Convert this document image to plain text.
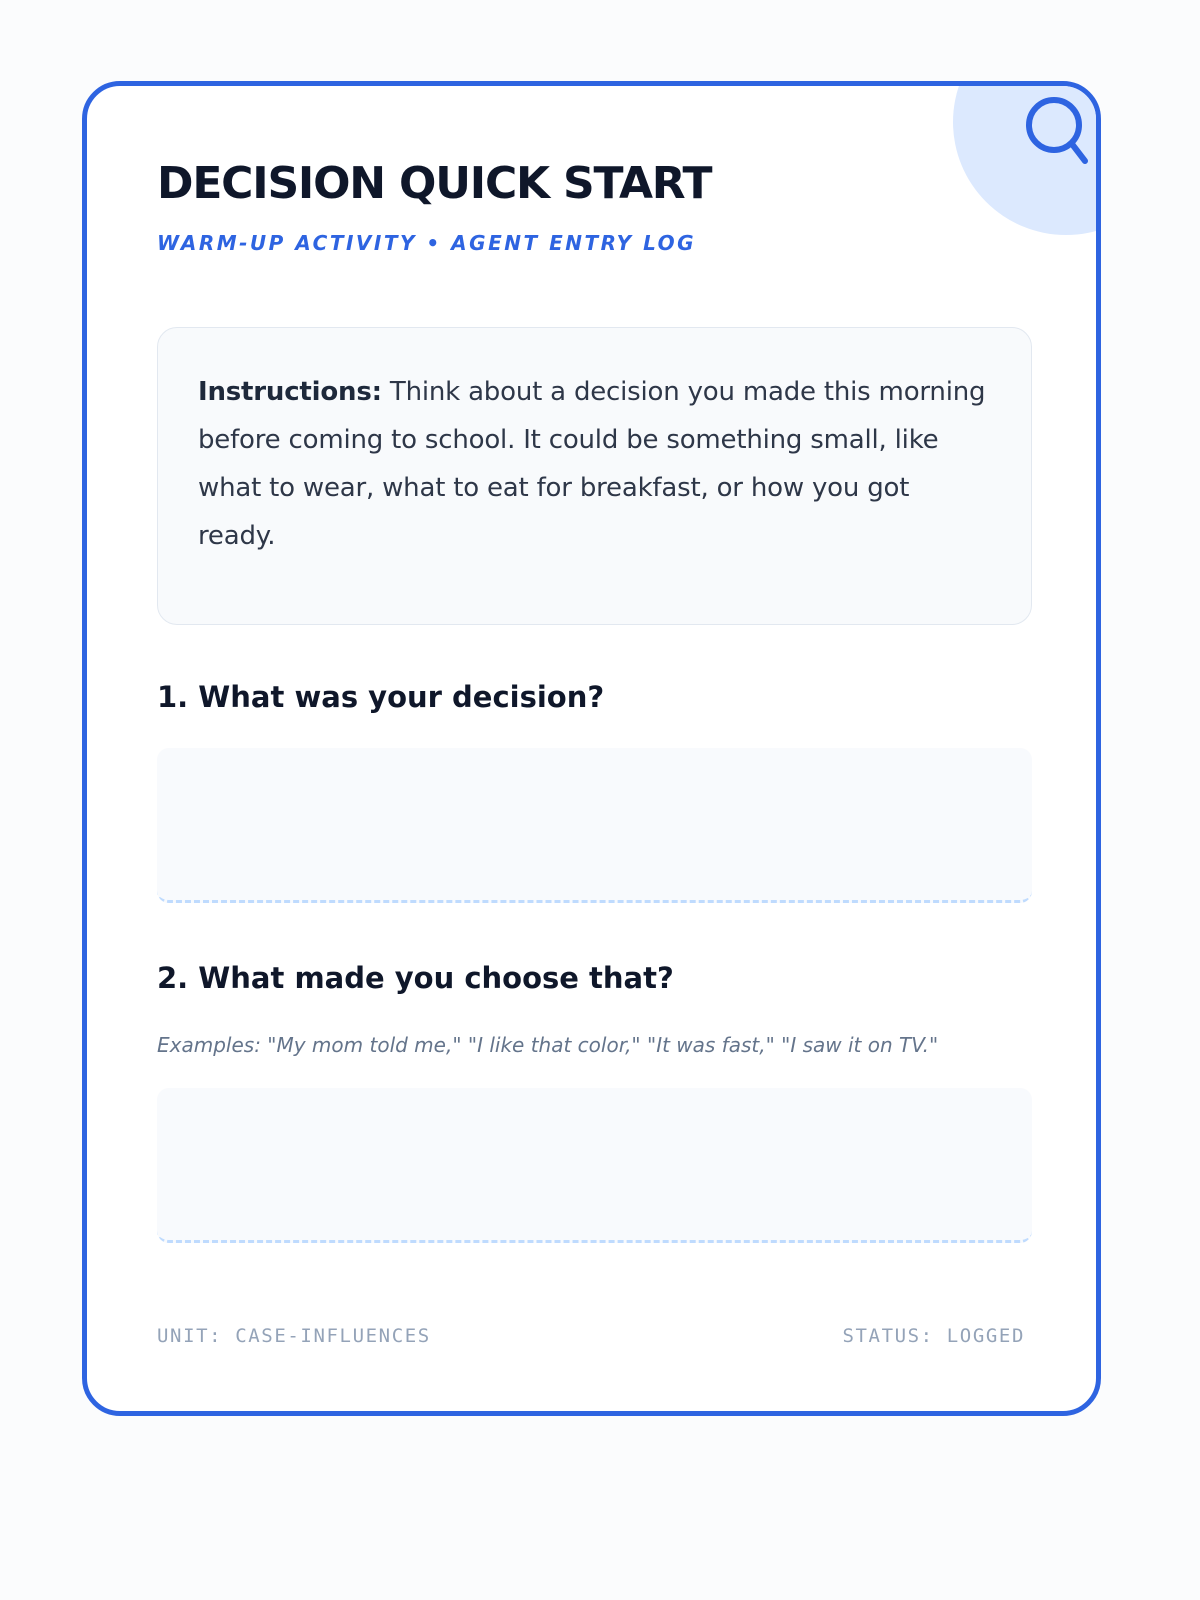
DECISION QUICK START
WARM-UP ACTIVITY • AGENT ENTRY LOG

Instructions: Think about a decision you made this morning before coming to school. It could be something small, like what to wear, what to eat for breakfast, or how you got ready.

1. What was your decision?
2. What made you choose that?
Examples: "My mom told me," "I like that color," "It was fast," "I saw it on TV."
UNIT: CASE-INFLUENCES	STATUS: LOGGED
